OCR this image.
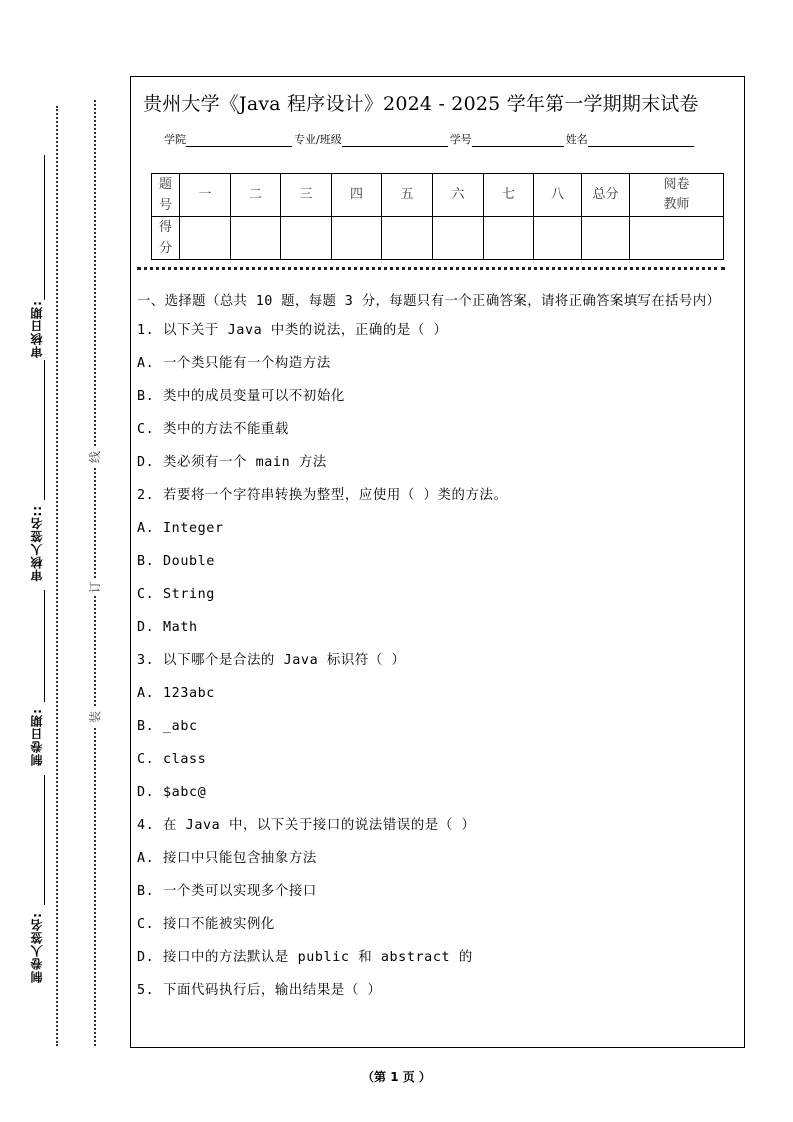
线
订
装
审核日期:
审核人签名::
制卷日期:
制卷人签名:
贵州大学《Java 程序设计》2024 - 2025 学年第一学期期末试卷
学院	专业/班级	学号	姓名
题号	一	二	三	四	五	六	七	八	总分	阅卷教师
得分										
一、选择题（总共 10 题，每题 3 分，每题只有一个正确答案，请将正确答案填写在括号内）
1. 以下关于 Java 中类的说法，正确的是（ ）
A. 一个类只能有一个构造方法
B. 类中的成员变量可以不初始化
C. 类中的方法不能重载
D. 类必须有一个 main 方法
2. 若要将一个字符串转换为整型，应使用（ ）类的方法。
A. Integer
B. Double
C. String
D. Math
3. 以下哪个是合法的 Java 标识符（ ）
A. 123abc
B. _abc
C. class
D. $abc@
4. 在 Java 中，以下关于接口的说法错误的是（ ）
A. 接口中只能包含抽象方法
B. 一个类可以实现多个接口
C. 接口不能被实例化
D. 接口中的方法默认是 public 和 abstract 的
5. 下面代码执行后，输出结果是（ ）
（第 1 页 ）
